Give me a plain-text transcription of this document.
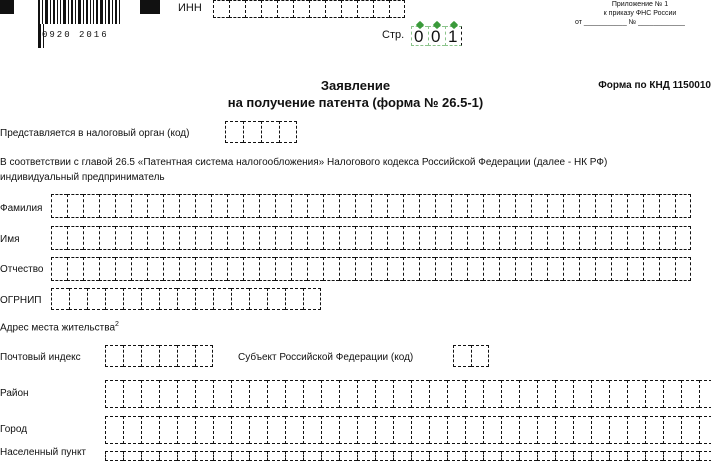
0920 2016
ИНН	Приложение № 1
к приказу ФНС России
от ___________ № ____________
Стр. 0 0 1
Заявление
на получение патента (форма № 26.5-1)
Форма по КНД 1150010
Представляется в налоговый орган (код)
В соответствии с главой 26.5 «Патентная система налогообложения» Налогового кодекса Российской Федерации (далее - НК РФ)
индивидуальный предприниматель
Фамилия
Имя
Отчество
ОГРНИП
Адрес места жительства$^2$
Почтовый индекс	Субъект Российской Федерации (код)
Район
Город
Населенный пункт
